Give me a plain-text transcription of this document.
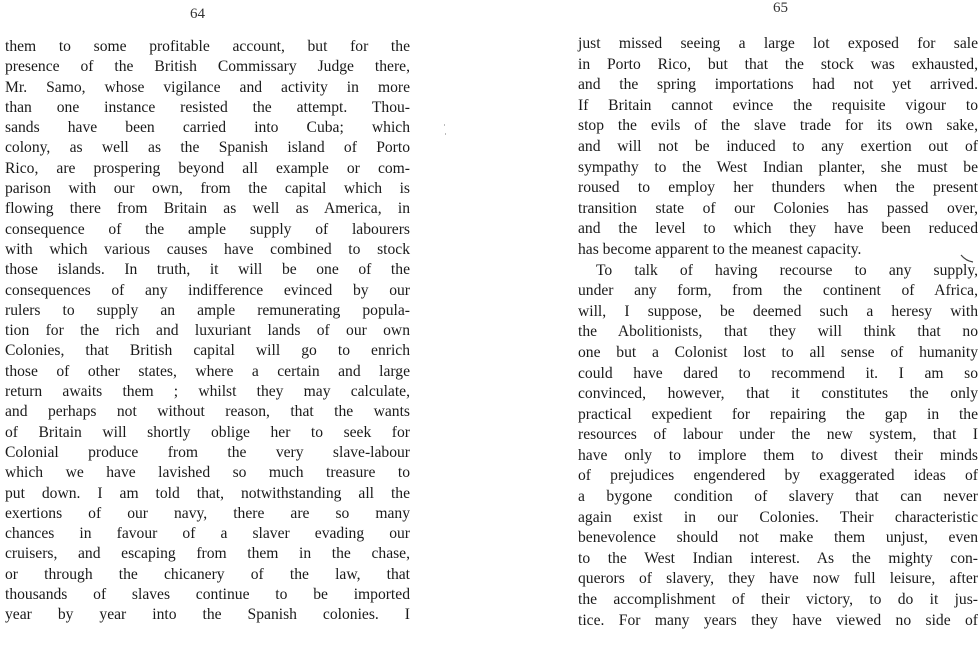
64
them to some profitable account, but for the
presence of the British Commissary Judge there,
Mr. Samo, whose vigilance and activity in more
than one instance resisted the attempt. Thou-
sands have been carried into Cuba; which
colony, as well as the Spanish island of Porto
Rico, are prospering beyond all example or com-
parison with our own, from the capital which is
flowing there from Britain as well as America, in
consequence of the ample supply of labourers
with which various causes have combined to stock
those islands. In truth, it will be one of the
consequences of any indifference evinced by our
rulers to supply an ample remunerating popula-
tion for the rich and luxuriant lands of our own
Colonies, that British capital will go to enrich
those of other states, where a certain and large
return awaits them ; whilst they may calculate,
and perhaps not without reason, that the wants
of Britain will shortly oblige her to seek for
Colonial produce from the very slave-labour
which we have lavished so much treasure to
put down. I am told that, notwithstanding all the
exertions of our navy, there are so many
chances in favour of a slaver evading our
cruisers, and escaping from them in the chase,
or through the chicanery of the law, that
thousands of slaves continue to be imported
year by year into the Spanish colonies. I
65
just missed seeing a large lot exposed for sale
in Porto Rico, but that the stock was exhausted,
and the spring importations had not yet arrived.
If Britain cannot evince the requisite vigour to
stop the evils of the slave trade for its own sake,
and will not be induced to any exertion out of
sympathy to the West Indian planter, she must be
roused to employ her thunders when the present
transition state of our Colonies has passed over,
and the level to which they have been reduced
has become apparent to the meanest capacity.
To talk of having recourse to any supply,
under any form, from the continent of Africa,
will, I suppose, be deemed such a heresy with
the Abolitionists, that they will think that no
one but a Colonist lost to all sense of humanity
could have dared to recommend it. I am so
convinced, however, that it constitutes the only
practical expedient for repairing the gap in the
resources of labour under the new system, that I
have only to implore them to divest their minds
of prejudices engendered by exaggerated ideas of
a bygone condition of slavery that can never
again exist in our Colonies. Their characteristic
benevolence should not make them unjust, even
to the West Indian interest. As the mighty con-
querors of slavery, they have now full leisure, after
the accomplishment of their victory, to do it jus-
tice. For many years they have viewed no side of
